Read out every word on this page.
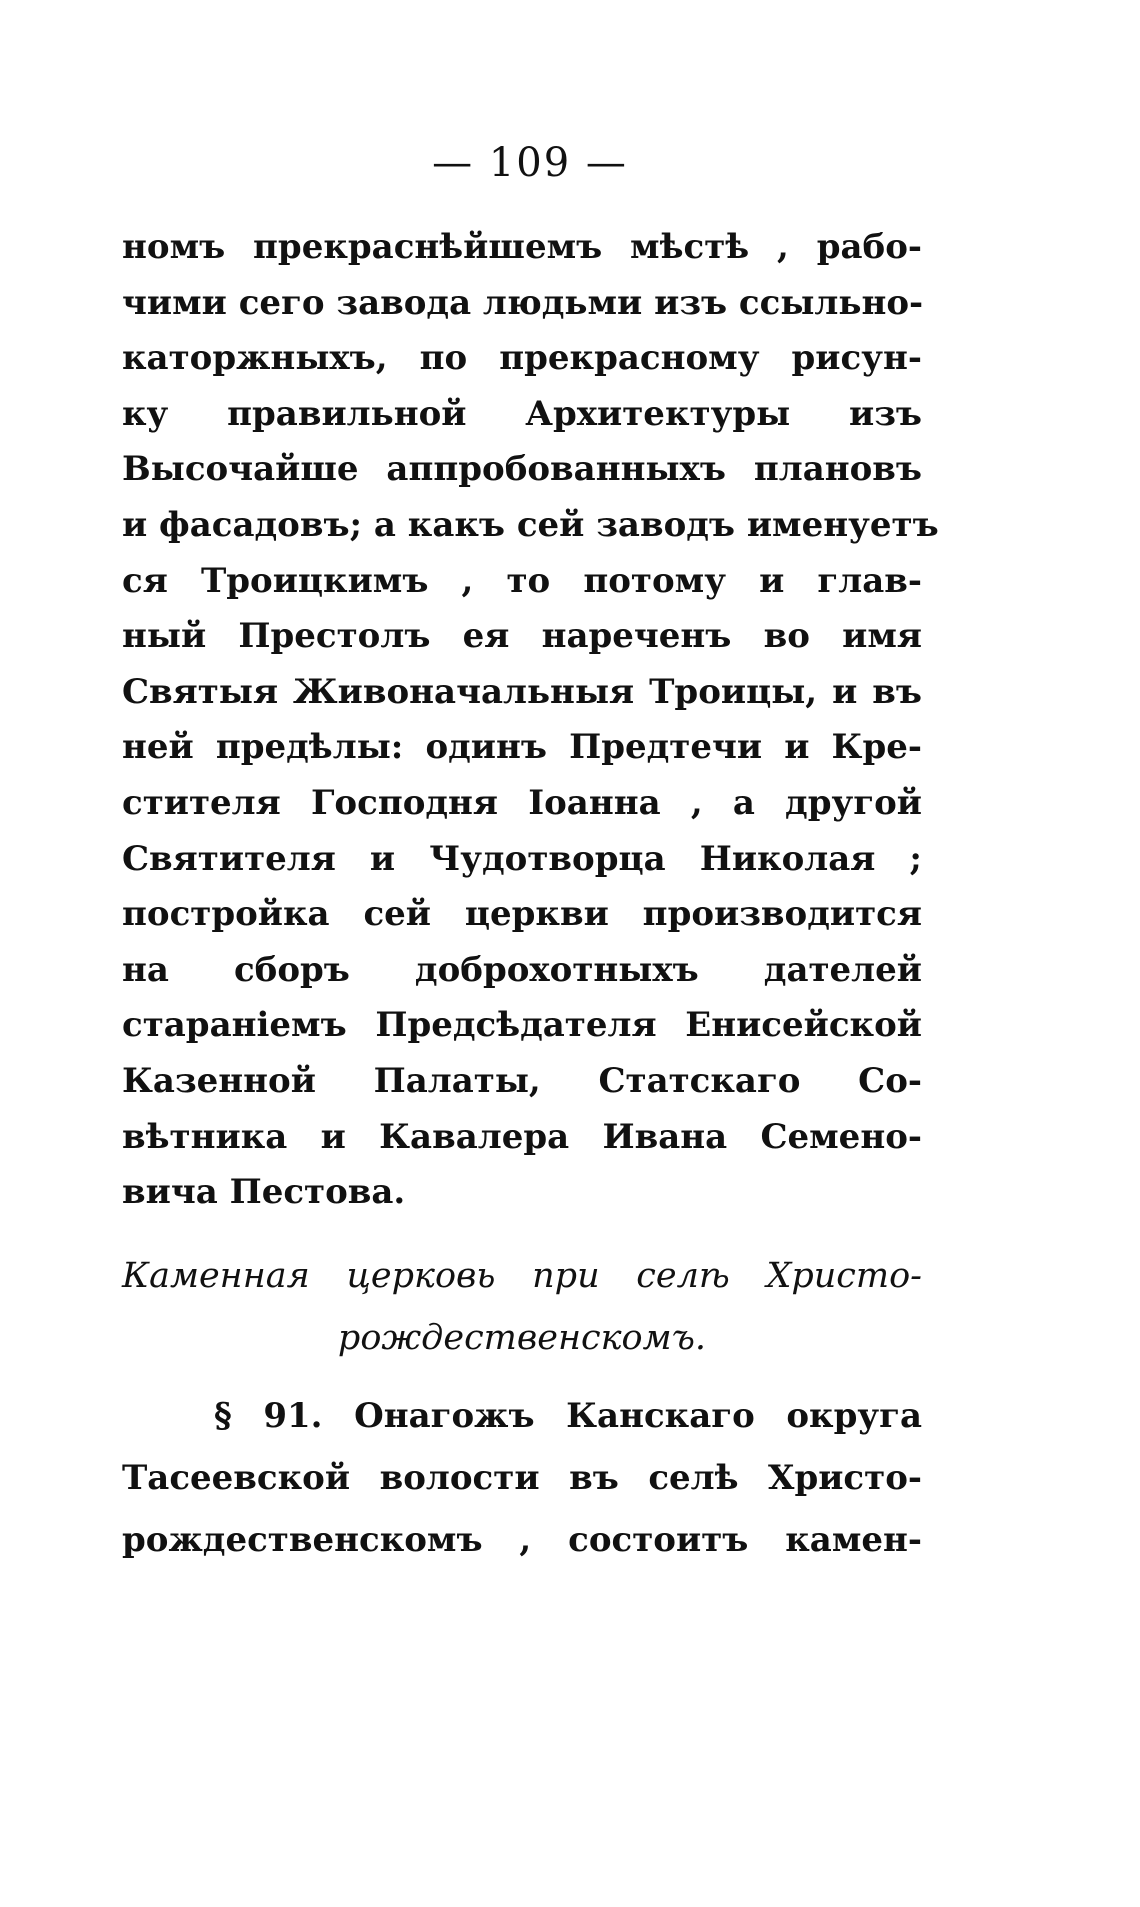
— 109 —
номъ прекраснѣйшемъ мѣстѣ , рабо-
чими сего завода людьми изъ ссыльно-
каторжныхъ, по прекрасному рисун-
ку правильной Архитектуры изъ
Высочайше аппробованныхъ плановъ
и фасадовъ; а какъ сей заводъ именуетъ
ся Троицкимъ , то потому и глав-
ный Престолъ ея нареченъ во имя
Святыя Живоначальныя Троицы, и въ
ней предѣлы: одинъ Предтечи и Кре-
стителя Господня Іоанна , а другой
Святителя и Чудотворца Николая ;
постройка сей церкви производится
на сборъ доброхотныхъ дателей
стараніемъ Предсѣдателя Енисейской
Казенной Палаты, Статскаго Со-
вѣтника и Кавалера Ивана Семено-
вича Пестова.
Каменная церковь при селѣ Христо-
рождественскомъ.
§ 91. Онагожъ Канскаго округа
Тасеевской волости въ селѣ Христо-
рождественскомъ , состоитъ камен-
